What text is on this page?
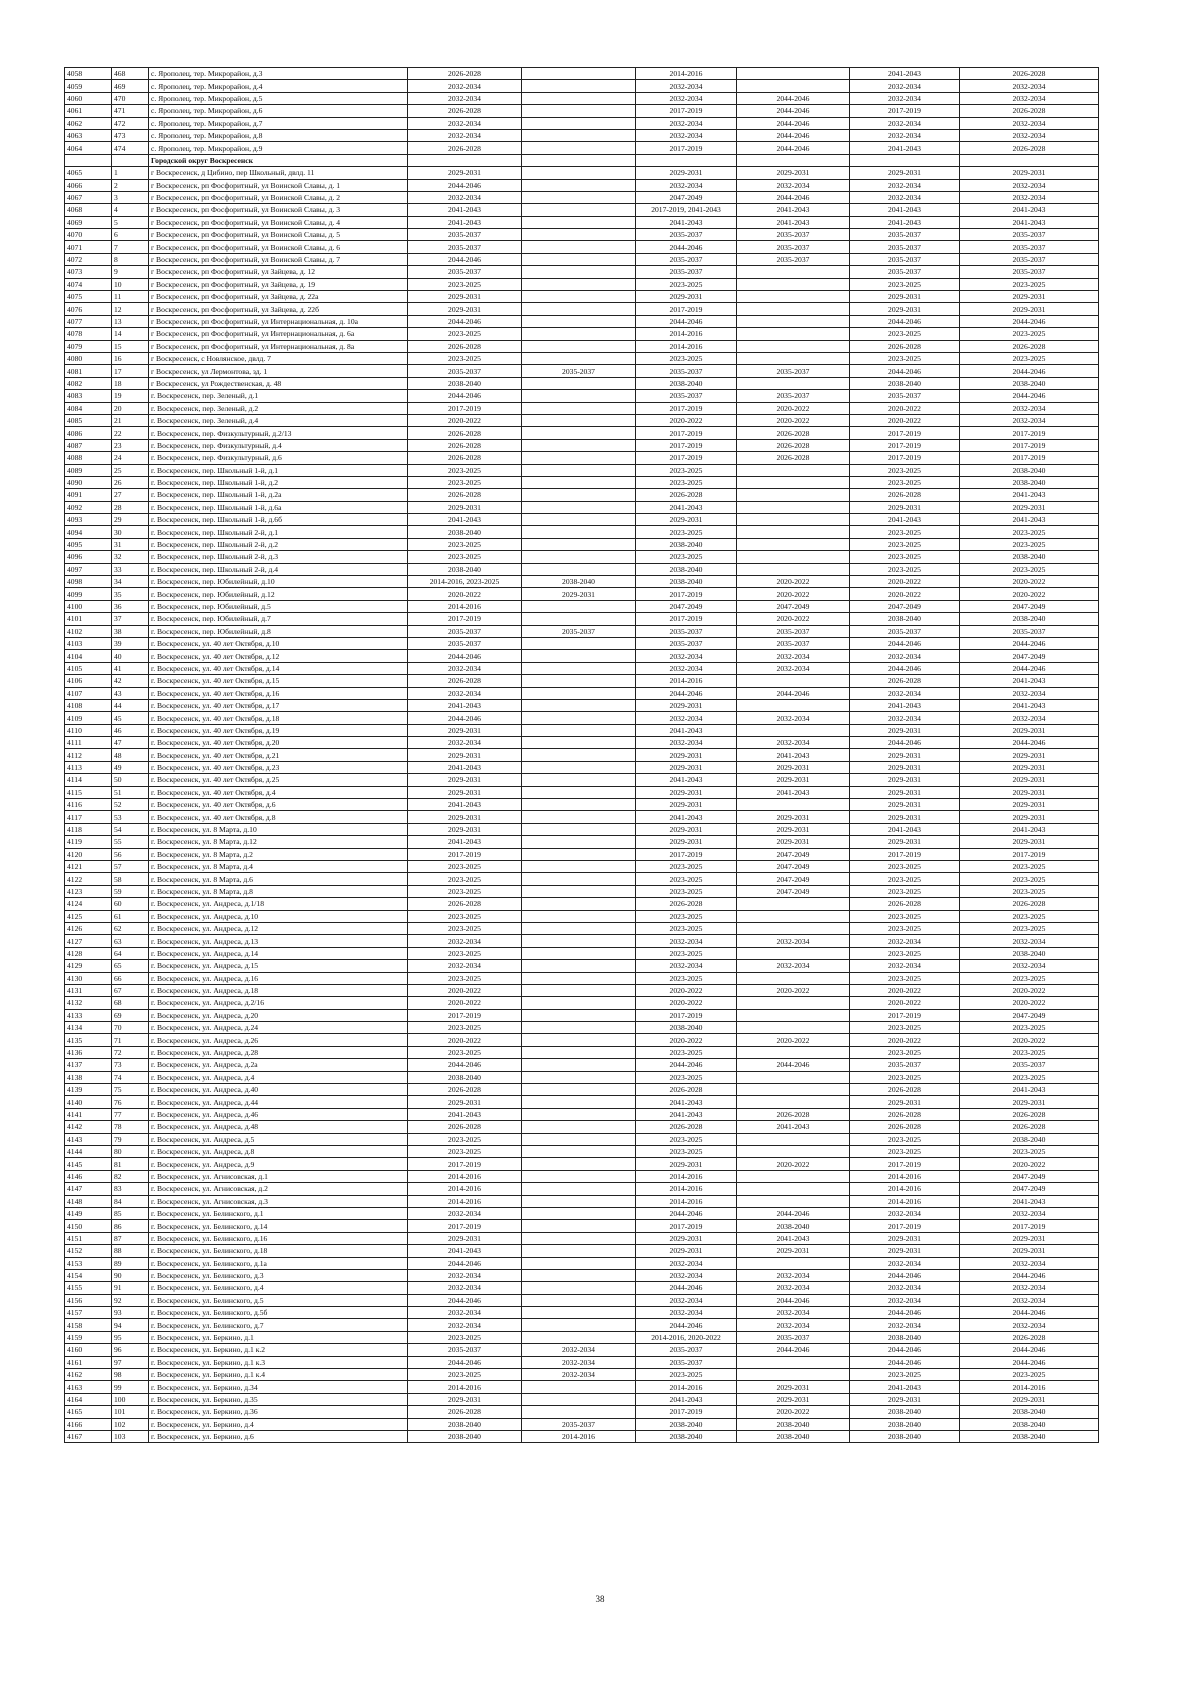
4058	468	с. Ярополец, тер. Микрорайон, д.3	2026-2028		2014-2016		2041-2043	2026-2028
4059	469	с. Ярополец, тер. Микрорайон, д.4	2032-2034		2032-2034		2032-2034	2032-2034
4060	470	с. Ярополец, тер. Микрорайон, д.5	2032-2034		2032-2034	2044-2046	2032-2034	2032-2034
4061	471	с. Ярополец, тер. Микрорайон, д.6	2026-2028		2017-2019	2044-2046	2017-2019	2026-2028
4062	472	с. Ярополец, тер. Микрорайон, д.7	2032-2034		2032-2034	2044-2046	2032-2034	2032-2034
4063	473	с. Ярополец, тер. Микрорайон, д.8	2032-2034		2032-2034	2044-2046	2032-2034	2032-2034
4064	474	с. Ярополец, тер. Микрорайон, д.9	2026-2028		2017-2019	2044-2046	2041-2043	2026-2028
		Городской округ Воскресенск						
4065	1	г Воскресенск, д Цибино, пер Школьный, двлд. 11	2029-2031		2029-2031	2029-2031	2029-2031	2029-2031
4066	2	г Воскресенск, рп Фосфоритный, ул Воинской Славы, д. 1	2044-2046		2032-2034	2032-2034	2032-2034	2032-2034
4067	3	г Воскресенск, рп Фосфоритный, ул Воинской Славы, д. 2	2032-2034		2047-2049	2044-2046	2032-2034	2032-2034
4068	4	г Воскресенск, рп Фосфоритный, ул Воинской Славы, д. 3	2041-2043		2017-2019, 2041-2043	2041-2043	2041-2043	2041-2043
4069	5	г Воскресенск, рп Фосфоритный, ул Воинской Славы, д. 4	2041-2043		2041-2043	2041-2043	2041-2043	2041-2043
4070	6	г Воскресенск, рп Фосфоритный, ул Воинской Славы, д. 5	2035-2037		2035-2037	2035-2037	2035-2037	2035-2037
4071	7	г Воскресенск, рп Фосфоритный, ул Воинской Славы, д. 6	2035-2037		2044-2046	2035-2037	2035-2037	2035-2037
4072	8	г Воскресенск, рп Фосфоритный, ул Воинской Славы, д. 7	2044-2046		2035-2037	2035-2037	2035-2037	2035-2037
4073	9	г Воскресенск, рп Фосфоритный, ул Зайцева, д. 12	2035-2037		2035-2037		2035-2037	2035-2037
4074	10	г Воскресенск, рп Фосфоритный, ул Зайцева, д. 19	2023-2025		2023-2025		2023-2025	2023-2025
4075	11	г Воскресенск, рп Фосфоритный, ул Зайцева, д. 22а	2029-2031		2029-2031		2029-2031	2029-2031
4076	12	г Воскресенск, рп Фосфоритный, ул Зайцева, д. 22б	2029-2031		2017-2019		2029-2031	2029-2031
4077	13	г Воскресенск, рп Фосфоритный, ул Интернациональная, д. 10а	2044-2046		2044-2046		2044-2046	2044-2046
4078	14	г Воскресенск, рп Фосфоритный, ул Интернациональная, д. 6а	2023-2025		2014-2016		2023-2025	2023-2025
4079	15	г Воскресенск, рп Фосфоритный, ул Интернациональная, д. 8а	2026-2028		2014-2016		2026-2028	2026-2028
4080	16	г Воскресенск, с Новлянское, двлд. 7	2023-2025		2023-2025		2023-2025	2023-2025
4081	17	г Воскресенск, ул Лермонтова, зд. 1	2035-2037	2035-2037	2035-2037	2035-2037	2044-2046	2044-2046
4082	18	г Воскресенск, ул Рождественская, д. 48	2038-2040		2038-2040		2038-2040	2038-2040
4083	19	г. Воскресенск, пер. Зеленый, д.1	2044-2046		2035-2037	2035-2037	2035-2037	2044-2046
4084	20	г. Воскресенск, пер. Зеленый, д.2	2017-2019		2017-2019	2020-2022	2020-2022	2032-2034
4085	21	г. Воскресенск, пер. Зеленый, д.4	2020-2022		2020-2022	2020-2022	2020-2022	2032-2034
4086	22	г. Воскресенск, пер. Физкультурный, д.2/13	2026-2028		2017-2019	2026-2028	2017-2019	2017-2019
4087	23	г. Воскресенск, пер. Физкультурный, д.4	2026-2028		2017-2019	2026-2028	2017-2019	2017-2019
4088	24	г. Воскресенск, пер. Физкультурный, д.6	2026-2028		2017-2019	2026-2028	2017-2019	2017-2019
4089	25	г. Воскресенск, пер. Школьный 1-й, д.1	2023-2025		2023-2025		2023-2025	2038-2040
4090	26	г. Воскресенск, пер. Школьный 1-й, д.2	2023-2025		2023-2025		2023-2025	2038-2040
4091	27	г. Воскресенск, пер. Школьный 1-й, д.2а	2026-2028		2026-2028		2026-2028	2041-2043
4092	28	г. Воскресенск, пер. Школьный 1-й, д.6а	2029-2031		2041-2043		2029-2031	2029-2031
4093	29	г. Воскресенск, пер. Школьный 1-й, д.6б	2041-2043		2029-2031		2041-2043	2041-2043
4094	30	г. Воскресенск, пер. Школьный 2-й, д.1	2038-2040		2023-2025		2023-2025	2023-2025
4095	31	г. Воскресенск, пер. Школьный 2-й, д.2	2023-2025		2038-2040		2023-2025	2023-2025
4096	32	г. Воскресенск, пер. Школьный 2-й, д.3	2023-2025		2023-2025		2023-2025	2038-2040
4097	33	г. Воскресенск, пер. Школьный 2-й, д.4	2038-2040		2038-2040		2023-2025	2023-2025
4098	34	г. Воскресенск, пер. Юбилейный, д.10	2014-2016, 2023-2025	2038-2040	2038-2040	2020-2022	2020-2022	2020-2022
4099	35	г. Воскресенск, пер. Юбилейный, д.12	2020-2022	2029-2031	2017-2019	2020-2022	2020-2022	2020-2022
4100	36	г. Воскресенск, пер. Юбилейный, д.5	2014-2016		2047-2049	2047-2049	2047-2049	2047-2049
4101	37	г. Воскресенск, пер. Юбилейный, д.7	2017-2019		2017-2019	2020-2022	2038-2040	2038-2040
4102	38	г. Воскресенск, пер. Юбилейный, д.8	2035-2037	2035-2037	2035-2037	2035-2037	2035-2037	2035-2037
4103	39	г. Воскресенск, ул. 40 лет Октября, д.10	2035-2037		2035-2037	2035-2037	2044-2046	2044-2046
4104	40	г. Воскресенск, ул. 40 лет Октября, д.12	2044-2046		2032-2034	2032-2034	2032-2034	2047-2049
4105	41	г. Воскресенск, ул. 40 лет Октября, д.14	2032-2034		2032-2034	2032-2034	2044-2046	2044-2046
4106	42	г. Воскресенск, ул. 40 лет Октября, д.15	2026-2028		2014-2016		2026-2028	2041-2043
4107	43	г. Воскресенск, ул. 40 лет Октября, д.16	2032-2034		2044-2046	2044-2046	2032-2034	2032-2034
4108	44	г. Воскресенск, ул. 40 лет Октября, д.17	2041-2043		2029-2031		2041-2043	2041-2043
4109	45	г. Воскресенск, ул. 40 лет Октября, д.18	2044-2046		2032-2034	2032-2034	2032-2034	2032-2034
4110	46	г. Воскресенск, ул. 40 лет Октября, д.19	2029-2031		2041-2043		2029-2031	2029-2031
4111	47	г. Воскресенск, ул. 40 лет Октября, д.20	2032-2034		2032-2034	2032-2034	2044-2046	2044-2046
4112	48	г. Воскресенск, ул. 40 лет Октября, д.21	2029-2031		2029-2031	2041-2043	2029-2031	2029-2031
4113	49	г. Воскресенск, ул. 40 лет Октября, д.23	2041-2043		2029-2031	2029-2031	2029-2031	2029-2031
4114	50	г. Воскресенск, ул. 40 лет Октября, д.25	2029-2031		2041-2043	2029-2031	2029-2031	2029-2031
4115	51	г. Воскресенск, ул. 40 лет Октября, д.4	2029-2031		2029-2031	2041-2043	2029-2031	2029-2031
4116	52	г. Воскресенск, ул. 40 лет Октября, д.6	2041-2043		2029-2031		2029-2031	2029-2031
4117	53	г. Воскресенск, ул. 40 лет Октября, д.8	2029-2031		2041-2043	2029-2031	2029-2031	2029-2031
4118	54	г. Воскресенск, ул. 8 Марта, д.10	2029-2031		2029-2031	2029-2031	2041-2043	2041-2043
4119	55	г. Воскресенск, ул. 8 Марта, д.12	2041-2043		2029-2031	2029-2031	2029-2031	2029-2031
4120	56	г. Воскресенск, ул. 8 Марта, д.2	2017-2019		2017-2019	2047-2049	2017-2019	2017-2019
4121	57	г. Воскресенск, ул. 8 Марта, д.4	2023-2025		2023-2025	2047-2049	2023-2025	2023-2025
4122	58	г. Воскресенск, ул. 8 Марта, д.6	2023-2025		2023-2025	2047-2049	2023-2025	2023-2025
4123	59	г. Воскресенск, ул. 8 Марта, д.8	2023-2025		2023-2025	2047-2049	2023-2025	2023-2025
4124	60	г. Воскресенск, ул. Андреса, д.1/18	2026-2028		2026-2028		2026-2028	2026-2028
4125	61	г. Воскресенск, ул. Андреса, д.10	2023-2025		2023-2025		2023-2025	2023-2025
4126	62	г. Воскресенск, ул. Андреса, д.12	2023-2025		2023-2025		2023-2025	2023-2025
4127	63	г. Воскресенск, ул. Андреса, д.13	2032-2034		2032-2034	2032-2034	2032-2034	2032-2034
4128	64	г. Воскресенск, ул. Андреса, д.14	2023-2025		2023-2025		2023-2025	2038-2040
4129	65	г. Воскресенск, ул. Андреса, д.15	2032-2034		2032-2034	2032-2034	2032-2034	2032-2034
4130	66	г. Воскресенск, ул. Андреса, д.16	2023-2025		2023-2025		2023-2025	2023-2025
4131	67	г. Воскресенск, ул. Андреса, д.18	2020-2022		2020-2022	2020-2022	2020-2022	2020-2022
4132	68	г. Воскресенск, ул. Андреса, д.2/16	2020-2022		2020-2022		2020-2022	2020-2022
4133	69	г. Воскресенск, ул. Андреса, д.20	2017-2019		2017-2019		2017-2019	2047-2049
4134	70	г. Воскресенск, ул. Андреса, д.24	2023-2025		2038-2040		2023-2025	2023-2025
4135	71	г. Воскресенск, ул. Андреса, д.26	2020-2022		2020-2022	2020-2022	2020-2022	2020-2022
4136	72	г. Воскресенск, ул. Андреса, д.28	2023-2025		2023-2025		2023-2025	2023-2025
4137	73	г. Воскресенск, ул. Андреса, д.2а	2044-2046		2044-2046	2044-2046	2035-2037	2035-2037
4138	74	г. Воскресенск, ул. Андреса, д.4	2038-2040		2023-2025		2023-2025	2023-2025
4139	75	г. Воскресенск, ул. Андреса, д.40	2026-2028		2026-2028		2026-2028	2041-2043
4140	76	г. Воскресенск, ул. Андреса, д.44	2029-2031		2041-2043		2029-2031	2029-2031
4141	77	г. Воскресенск, ул. Андреса, д.46	2041-2043		2041-2043	2026-2028	2026-2028	2026-2028
4142	78	г. Воскресенск, ул. Андреса, д.48	2026-2028		2026-2028	2041-2043	2026-2028	2026-2028
4143	79	г. Воскресенск, ул. Андреса, д.5	2023-2025		2023-2025		2023-2025	2038-2040
4144	80	г. Воскресенск, ул. Андреса, д.8	2023-2025		2023-2025		2023-2025	2023-2025
4145	81	г. Воскресенск, ул. Андреса, д.9	2017-2019		2029-2031	2020-2022	2017-2019	2020-2022
4146	82	г. Воскресенск, ул. Агнисовская, д.1	2014-2016		2014-2016		2014-2016	2047-2049
4147	83	г. Воскресенск, ул. Агнисовская, д.2	2014-2016		2014-2016		2014-2016	2047-2049
4148	84	г. Воскресенск, ул. Агнисовская, д.3	2014-2016		2014-2016		2014-2016	2041-2043
4149	85	г. Воскресенск, ул. Белинского, д.1	2032-2034		2044-2046	2044-2046	2032-2034	2032-2034
4150	86	г. Воскресенск, ул. Белинского, д.14	2017-2019		2017-2019	2038-2040	2017-2019	2017-2019
4151	87	г. Воскресенск, ул. Белинского, д.16	2029-2031		2029-2031	2041-2043	2029-2031	2029-2031
4152	88	г. Воскресенск, ул. Белинского, д.18	2041-2043		2029-2031	2029-2031	2029-2031	2029-2031
4153	89	г. Воскресенск, ул. Белинского, д.1а	2044-2046		2032-2034		2032-2034	2032-2034
4154	90	г. Воскресенск, ул. Белинского, д.3	2032-2034		2032-2034	2032-2034	2044-2046	2044-2046
4155	91	г. Воскресенск, ул. Белинского, д.4	2032-2034		2044-2046	2032-2034	2032-2034	2032-2034
4156	92	г. Воскресенск, ул. Белинского, д.5	2044-2046		2032-2034	2044-2046	2032-2034	2032-2034
4157	93	г. Воскресенск, ул. Белинского, д.5б	2032-2034		2032-2034	2032-2034	2044-2046	2044-2046
4158	94	г. Воскресенск, ул. Белинского, д.7	2032-2034		2044-2046	2032-2034	2032-2034	2032-2034
4159	95	г. Воскресенск, ул. Беркино, д.1	2023-2025		2014-2016, 2020-2022	2035-2037	2038-2040	2026-2028
4160	96	г. Воскресенск, ул. Беркино, д.1 к.2	2035-2037	2032-2034	2035-2037	2044-2046	2044-2046	2044-2046
4161	97	г. Воскресенск, ул. Беркино, д.1 к.3	2044-2046	2032-2034	2035-2037		2044-2046	2044-2046
4162	98	г. Воскресенск, ул. Беркино, д.1 к.4	2023-2025	2032-2034	2023-2025		2023-2025	2023-2025
4163	99	г. Воскресенск, ул. Беркино, д.34	2014-2016		2014-2016	2029-2031	2041-2043	2014-2016
4164	100	г. Воскресенск, ул. Беркино, д.35	2029-2031		2041-2043	2029-2031	2029-2031	2029-2031
4165	101	г. Воскресенск, ул. Беркино, д.36	2026-2028		2017-2019	2020-2022	2038-2040	2038-2040
4166	102	г. Воскресенск, ул. Беркино, д.4	2038-2040	2035-2037	2038-2040	2038-2040	2038-2040	2038-2040
4167	103	г. Воскресенск, ул. Беркино, д.6	2038-2040	2014-2016	2038-2040	2038-2040	2038-2040	2038-2040
38
